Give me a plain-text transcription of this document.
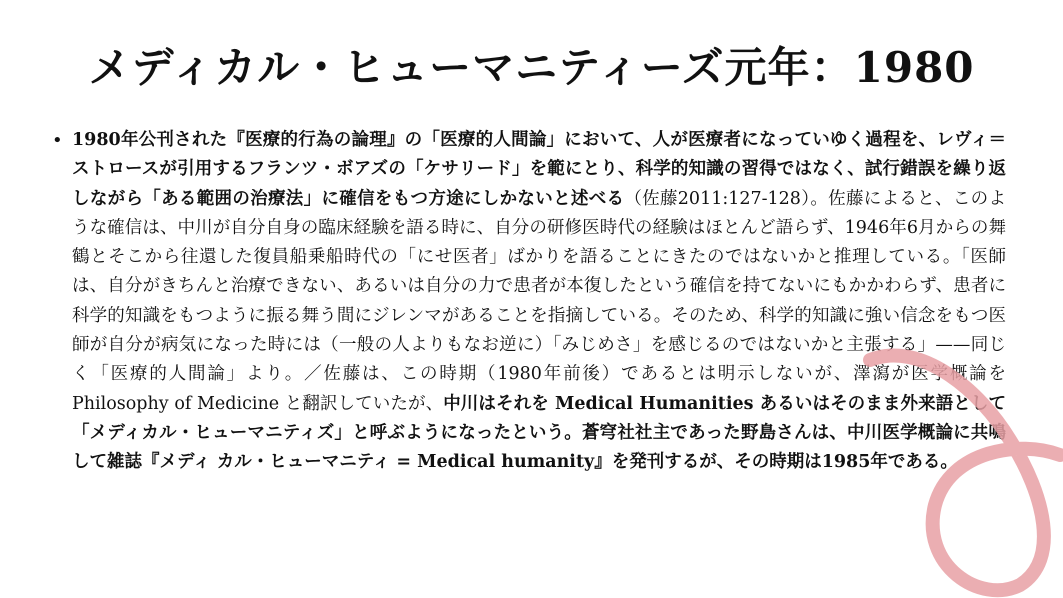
メディカル・ヒューマニティーズ元年：1980
• 1980年公刊された『医療的行為の論理』の「医療的人間論」において、人が医療者になっていゆく過程を、レヴィ＝ストロースが引用するフランツ・ボアズの「ケサリード」を範にとり、科学的知識の習得ではなく、試行錯誤を繰り返しながら「ある範囲の治療法」に確信をもつ方途にしかないと述べる（佐藤2011:127-128）。佐藤によると、このような確信は、中川が自分自身の臨床経験を語る時に、自分の研修医時代の経験はほとんど語らず、1946年6月からの舞鶴とそこから往還した復員船乗船時代の「にせ医者」ばかりを語ることにきたのではないかと推理している。「医師は、自分がきちんと治療できない、あるいは自分の力で患者が本復したという確信を持てないにもかかわらず、患者に科学的知識をもつように振る舞う間にジレンマがあることを指摘している。そのため、科学的知識に強い信念をもつ医師が自分が病気になった時には（一般の人よりもなお逆に）「みじめさ」を感じるのではないかと主張する」——同じく「医療的人間論」より。／佐藤は、この時期（1980年前後）であるとは明示しないが、澤瀉が医学概論を Philosophy of Medicine と翻訳していたが、中川はそれを Medical Humanities あるいはそのまま外来語として「メディカル・ヒューマニティズ」と呼ぶようになったという。蒼穹社社主であった野島さんは、中川医学概論に共鳴して雑誌『メディ カル・ヒューマニティ = Medical humanity』を発刊するが、その時期は1985年である。
